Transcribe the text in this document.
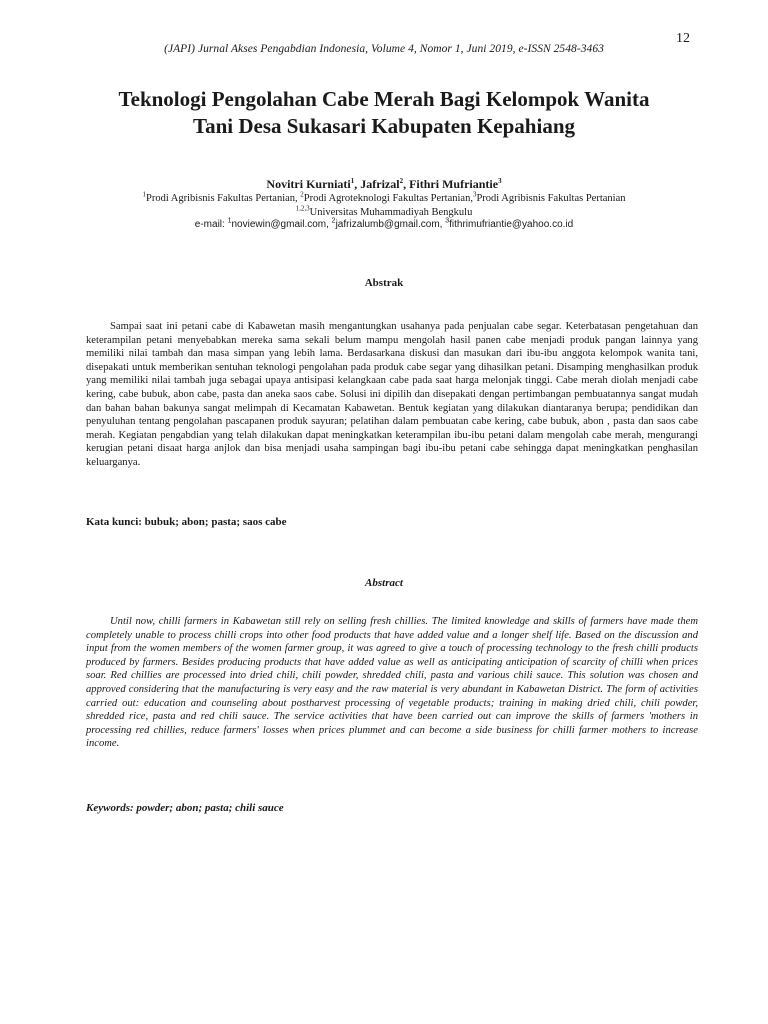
12
(JAPI) Jurnal Akses Pengabdian Indonesia, Volume 4, Nomor 1, Juni 2019, e-ISSN 2548-3463
Teknologi Pengolahan Cabe Merah Bagi Kelompok Wanita
Tani Desa Sukasari Kabupaten Kepahiang
Novitri Kurniati$^1$, Jafrizal$^2$, Fithri Mufriantie$^3$
$^1$Prodi Agribisnis Fakultas Pertanian, $^2$Prodi Agroteknologi Fakultas Pertanian,$^3$Prodi Agribisnis Fakultas Pertanian
$^{1,2,3}$Universitas Muhammadiyah Bengkulu
e-mail: $^1$noviewin@gmail.com, $^2$jafrizalumb@gmail.com, $^3$fithrimufriantie@yahoo.co.id
Abstrak

Sampai saat ini petani cabe di Kabawetan masih mengantungkan usahanya pada penjualan cabe segar. Keterbatasan pengetahuan dan keterampilan petani menyebabkan mereka sama sekali belum mampu mengolah hasil panen cabe menjadi produk pangan lainnya yang memiliki nilai tambah dan masa simpan yang lebih lama. Berdasarkana diskusi dan masukan dari ibu-ibu anggota kelompok wanita tani, disepakati untuk memberikan sentuhan teknologi pengolahan pada produk cabe segar yang dihasilkan petani. Disamping menghasilkan produk yang memiliki nilai tambah juga sebagai upaya antisipasi kelangkaan cabe pada saat harga melonjak tinggi. Cabe merah diolah menjadi cabe kering, cabe bubuk, abon cabe, pasta dan aneka saos cabe. Solusi ini dipilih dan disepakati dengan pertimbangan pembuatannya sangat mudah dan bahan bahan bakunya sangat melimpah di Kecamatan Kabawetan. Bentuk kegiatan yang dilakukan diantaranya berupa; pendidikan dan penyuluhan tentang pengolahan pascapanen produk sayuran; pelatihan dalam pembuatan cabe kering, cabe bubuk, abon , pasta dan saos cabe merah. Kegiatan pengabdian yang telah dilakukan dapat meningkatkan keterampilan ibu-ibu petani dalam mengolah cabe merah, mengurangi kerugian petani disaat harga anjlok dan bisa menjadi usaha sampingan bagi ibu-ibu petani cabe sehingga dapat meningkatkan penghasilan keluarganya.

Kata kunci: bubuk; abon; pasta; saos cabe
Abstract

Until now, chilli farmers in Kabawetan still rely on selling fresh chillies. The limited knowledge and skills of farmers have made them completely unable to process chilli crops into other food products that have added value and a longer shelf life. Based on the discussion and input from the women members of the women farmer group, it was agreed to give a touch of processing technology to the fresh chilli products produced by farmers. Besides producing products that have added value as well as anticipating anticipation of scarcity of chilli when prices soar. Red chillies are processed into dried chili, chili powder, shredded chili, pasta and various chili sauce. This solution was chosen and approved considering that the manufacturing is very easy and the raw material is very abundant in Kabawetan District. The form of activities carried out: education and counseling about postharvest processing of vegetable products; training in making dried chili, chili powder, shredded rice, pasta and red chili sauce. The service activities that have been carried out can improve the skills of farmers 'mothers in processing red chillies, reduce farmers' losses when prices plummet and can become a side business for chilli farmer mothers to increase income.

Keywords: powder; abon; pasta; chili sauce
